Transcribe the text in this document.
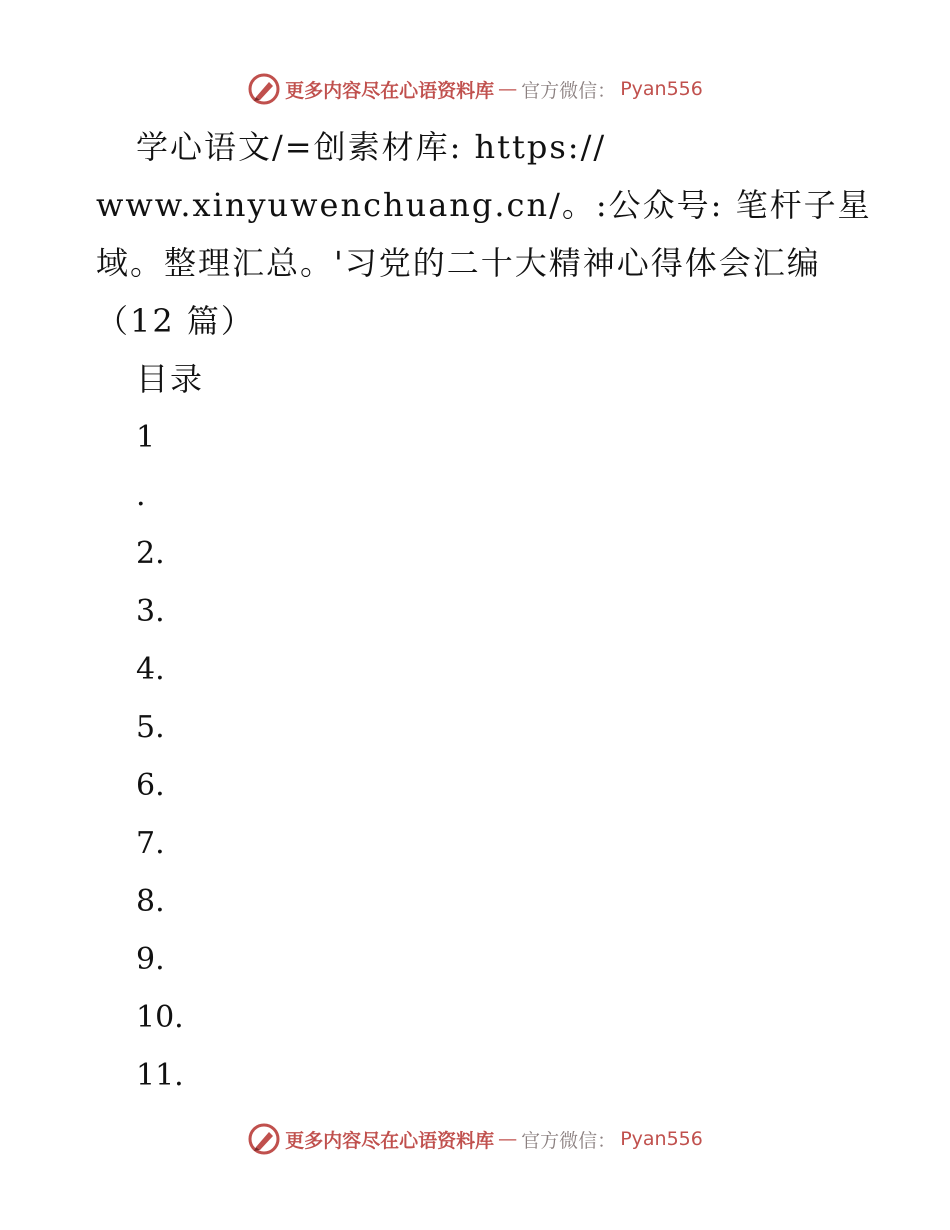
更多内容尽在心语资料库 — 官方微信： Pyan556
学心语文/=创素材库: https://
www.xinyuwenchuang.cn/。:公众号: 笔杆子星
域。整理汇总。'习党的二十大精神心得体会汇编
（12 篇）
目录
1
.
2.
3.
4.
5.
6.
7.
8.
9.
10.
11.
更多内容尽在心语资料库 — 官方微信： Pyan556
